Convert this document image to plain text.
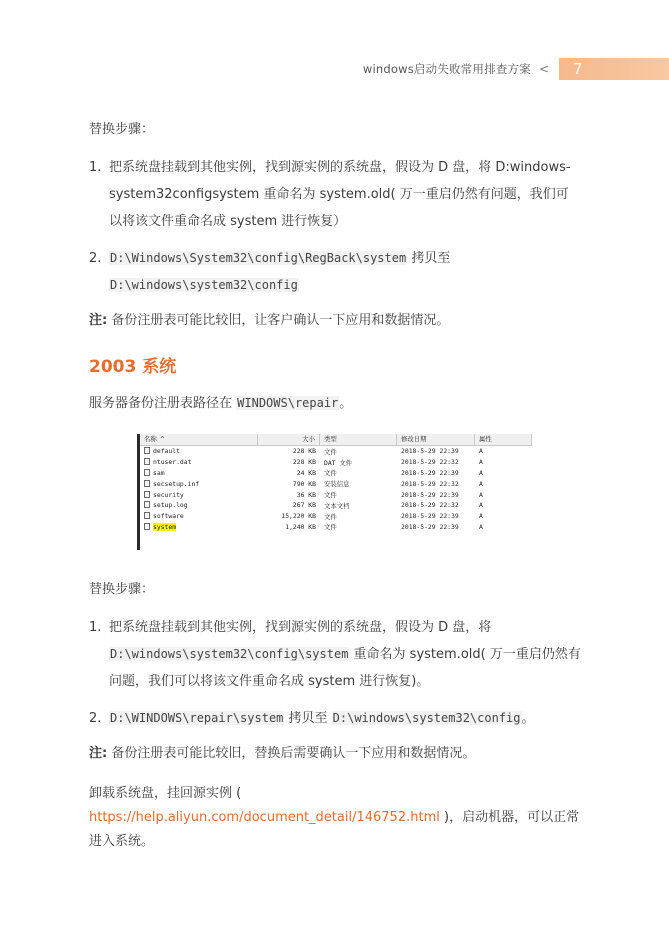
windows启动失败常用排查方案 <	7

替换步骤：

1. 把系统盘挂载到其他实例，找到源实例的系统盘，假设为 D 盘，将 D:windows-system32configsystem 重命名为 system.old( 万一重启仍然有问题，我们可以将该文件重命名成 system 进行恢复）
2. D:\Windows\System32\config\RegBack\system 拷贝至 D:\windows\system32\config

注: 备份注册表可能比较旧，让客户确认一下应用和数据情况。

2003 系统

服务器备份注册表路径在 WINDOWS\repair。

名称 ^	大小	类型	修改日期	属性
default	228 KB	文件	2018-5-29 22:39	A
ntuser.dat	228 KB	DAT 文件	2018-5-29 22:32	A
sam	24 KB	文件	2018-5-29 22:39	A
secsetup.inf	790 KB	安装信息	2018-5-29 22:32	A
security	36 KB	文件	2018-5-29 22:39	A
setup.log	267 KB	文本文档	2018-5-29 22:32	A
software	15,220 KB	文件	2018-5-29 22:39	A
system	1,240 KB	文件	2018-5-29 22:39	A

替换步骤：

1. 把系统盘挂载到其他实例，找到源实例的系统盘，假设为 D 盘，将 D:\windows\system32\config\system 重命名为 system.old( 万一重启仍然有问题，我们可以将该文件重命名成 system 进行恢复)。
2. D:\WINDOWS\repair\system 拷贝至 D:\windows\system32\config。

注: 备份注册表可能比较旧，替换后需要确认一下应用和数据情况。

卸载系统盘，挂回源实例 ( https://help.aliyun.com/document_detail/146752.html )，启动机器，可以正常进入系统。
